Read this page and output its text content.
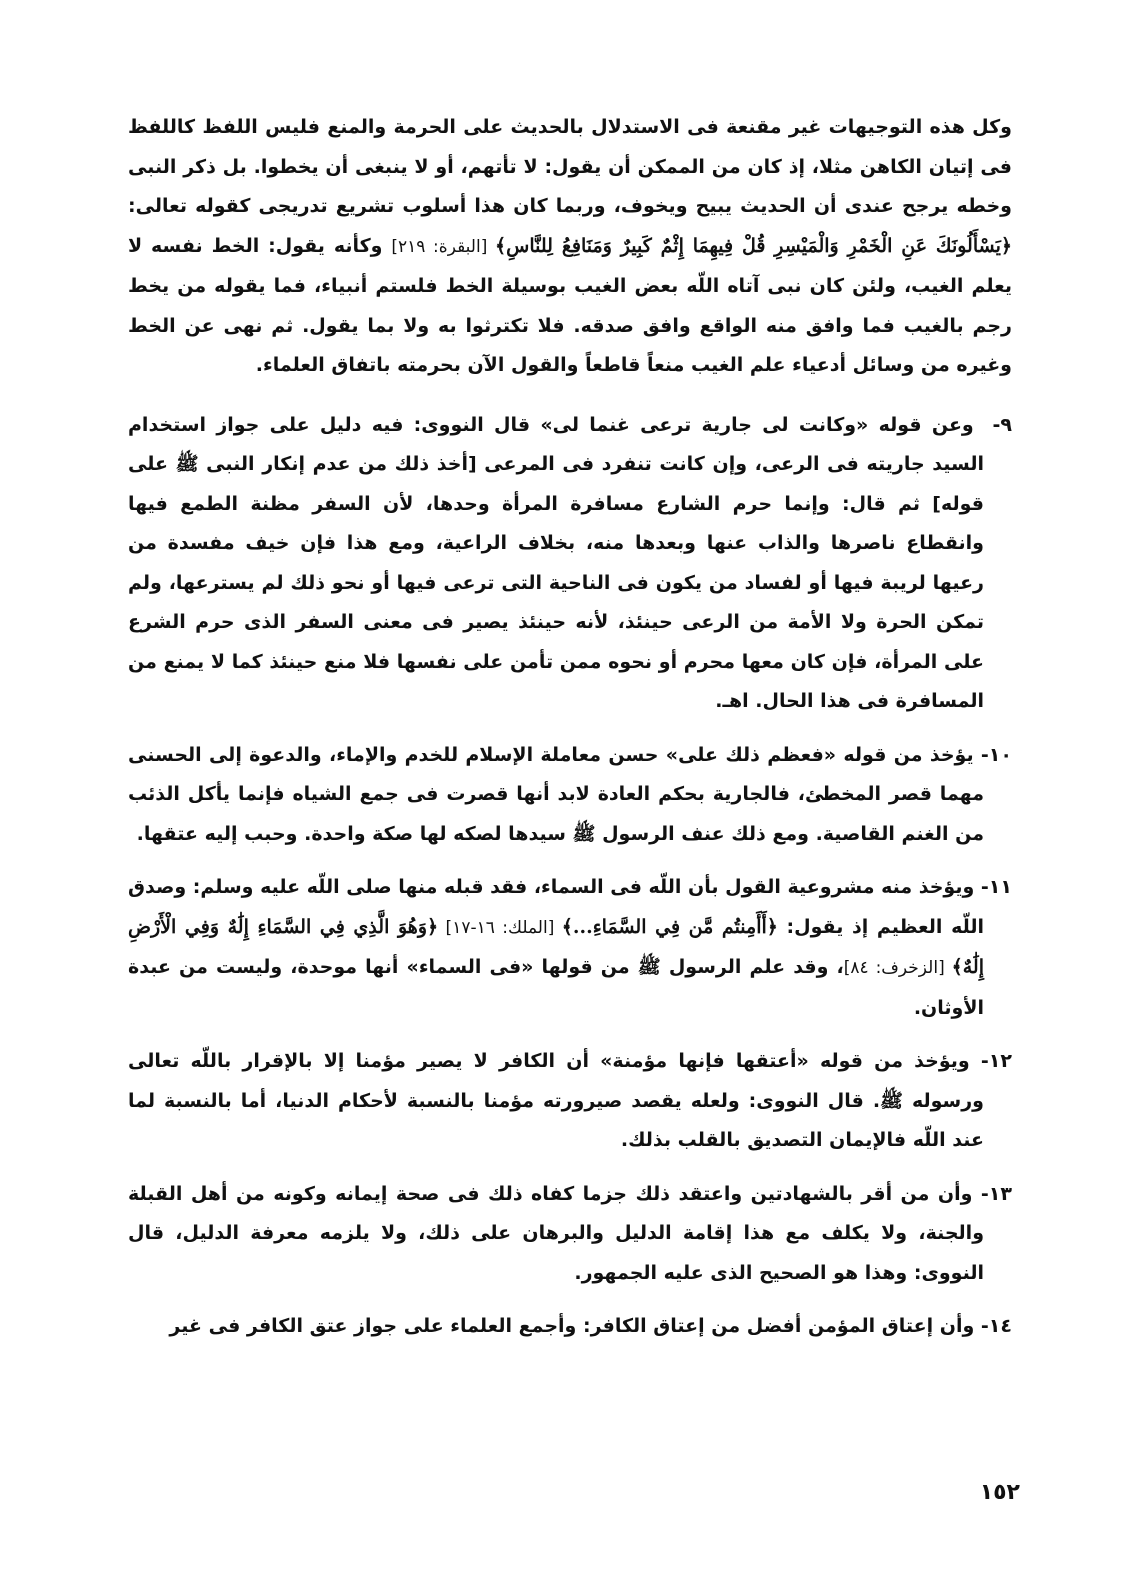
وكل هذه التوجيهات غير مقنعة فى الاستدلال بالحديث على الحرمة والمنع فليس اللفظ كاللفظ فى إتيان الكاهن مثلا، إذ كان من الممكن أن يقول: لا تأتهم، أو لا ينبغى أن يخطوا. بل ذكر النبى وخطه يرجح عندى أن الحديث يبيح ويخوف، وربما كان هذا أسلوب تشريع تدريجى كقوله تعالى: ﴿يَسْأَلُونَكَ عَنِ الْخَمْرِ وَالْمَيْسِرِ قُلْ فِيهِمَا إِثْمٌ كَبِيرٌ وَمَنَافِعُ لِلنَّاسِ﴾ [البقرة: ٢١٩] وكأنه يقول: الخط نفسه لا يعلم الغيب، ولئن كان نبى آتاه اللّه بعض الغيب بوسيلة الخط فلستم أنبياء، فما يقوله من يخط رجم بالغيب فما وافق منه الواقع وافق صدقه. فلا تكترثوا به ولا بما يقول. ثم نهى عن الخط وغيره من وسائل أدعياء علم الغيب منعاً قاطعاً والقول الآن بحرمته باتفاق العلماء.

٩- وعن قوله «وكانت لى جارية ترعى غنما لى» قال النووى: فيه دليل على جواز استخدام السيد جاريته فى الرعى، وإن كانت تنفرد فى المرعى [أخذ ذلك من عدم إنكار النبى ﷺ على قوله] ثم قال: وإنما حرم الشارع مسافرة المرأة وحدها، لأن السفر مظنة الطمع فيها وانقطاع ناصرها والذاب عنها وبعدها منه، بخلاف الراعية، ومع هذا فإن خيف مفسدة من رعيها لريبة فيها أو لفساد من يكون فى الناحية التى ترعى فيها أو نحو ذلك لم يسترعها، ولم تمكن الحرة ولا الأمة من الرعى حينئذ، لأنه حينئذ يصير فى معنى السفر الذى حرم الشرع على المرأة، فإن كان معها محرم أو نحوه ممن تأمن على نفسها فلا منع حينئذ كما لا يمنع من المسافرة فى هذا الحال. اهـ.

١٠- يؤخذ من قوله «فعظم ذلك على» حسن معاملة الإسلام للخدم والإماء، والدعوة إلى الحسنى مهما قصر المخطئ، فالجارية بحكم العادة لابد أنها قصرت فى جمع الشياه فإنما يأكل الذئب من الغنم القاصية. ومع ذلك عنف الرسول ﷺ سيدها لصكه لها صكة واحدة. وحبب إليه عتقها.

١١- ويؤخذ منه مشروعية القول بأن اللّه فى السماء، فقد قبله منها صلى اللّه عليه وسلم: وصدق اللّه العظيم إذ يقول: ﴿أَأَمِنتُم مَّن فِي السَّمَاءِ...﴾ [الملك: ١٦-١٧] ﴿وَهُوَ الَّذِي فِي السَّمَاءِ إِلَٰهٌ وَفِي الْأَرْضِ إِلَٰهٌ﴾ [الزخرف: ٨٤]، وقد علم الرسول ﷺ من قولها «فى السماء» أنها موحدة، وليست من عبدة الأوثان.

١٢- ويؤخذ من قوله «أعتقها فإنها مؤمنة» أن الكافر لا يصير مؤمنا إلا بالإقرار باللّه تعالى ورسوله ﷺ. قال النووى: ولعله يقصد صيرورته مؤمنا بالنسبة لأحكام الدنيا، أما بالنسبة لما عند اللّه فالإيمان التصديق بالقلب بذلك.

١٣- وأن من أقر بالشهادتين واعتقد ذلك جزما كفاه ذلك فى صحة إيمانه وكونه من أهل القبلة والجنة، ولا يكلف مع هذا إقامة الدليل والبرهان على ذلك، ولا يلزمه معرفة الدليل، قال النووى: وهذا هو الصحيح الذى عليه الجمهور.

١٤- وأن إعتاق المؤمن أفضل من إعتاق الكافر: وأجمع العلماء على جواز عتق الكافر فى غير

١٥٢
